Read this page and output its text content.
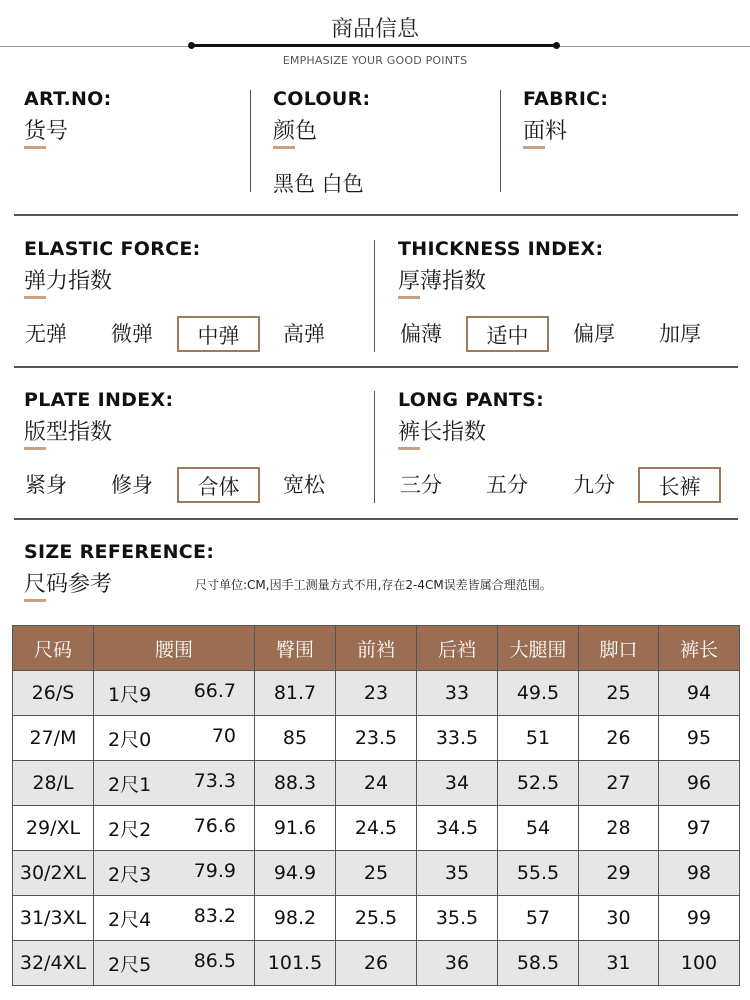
商品信息
EMPHASIZE YOUR GOOD POINTS
ART.NO:
货号
COLOUR:
颜色
黑色 白色
FABRIC:
面料
ELASTIC FORCE:
弹力指数
无弹	微弹	中弹	高弹
THICKNESS INDEX:
厚薄指数
偏薄	适中	偏厚	加厚
PLATE INDEX:
版型指数
紧身	修身	合体	宽松
LONG PANTS:
裤长指数
三分	五分	九分	长裤
SIZE REFERENCE:
尺码参考	尺寸单位:CM,因手工测量方式不用,存在2-4CM误差皆属合理范围。
尺码	腰围	臀围	前裆	后裆	大腿围	脚口	裤长
26/S	1尺9 66.7	81.7	23	33	49.5	25	94
27/M	2尺0 70	85	23.5	33.5	51	26	95
28/L	2尺1 73.3	88.3	24	34	52.5	27	96
29/XL	2尺2 76.6	91.6	24.5	34.5	54	28	97
30/2XL	2尺3 79.9	94.9	25	35	55.5	29	98
31/3XL	2尺4 83.2	98.2	25.5	35.5	57	30	99
32/4XL	2尺5 86.5	101.5	26	36	58.5	31	100
